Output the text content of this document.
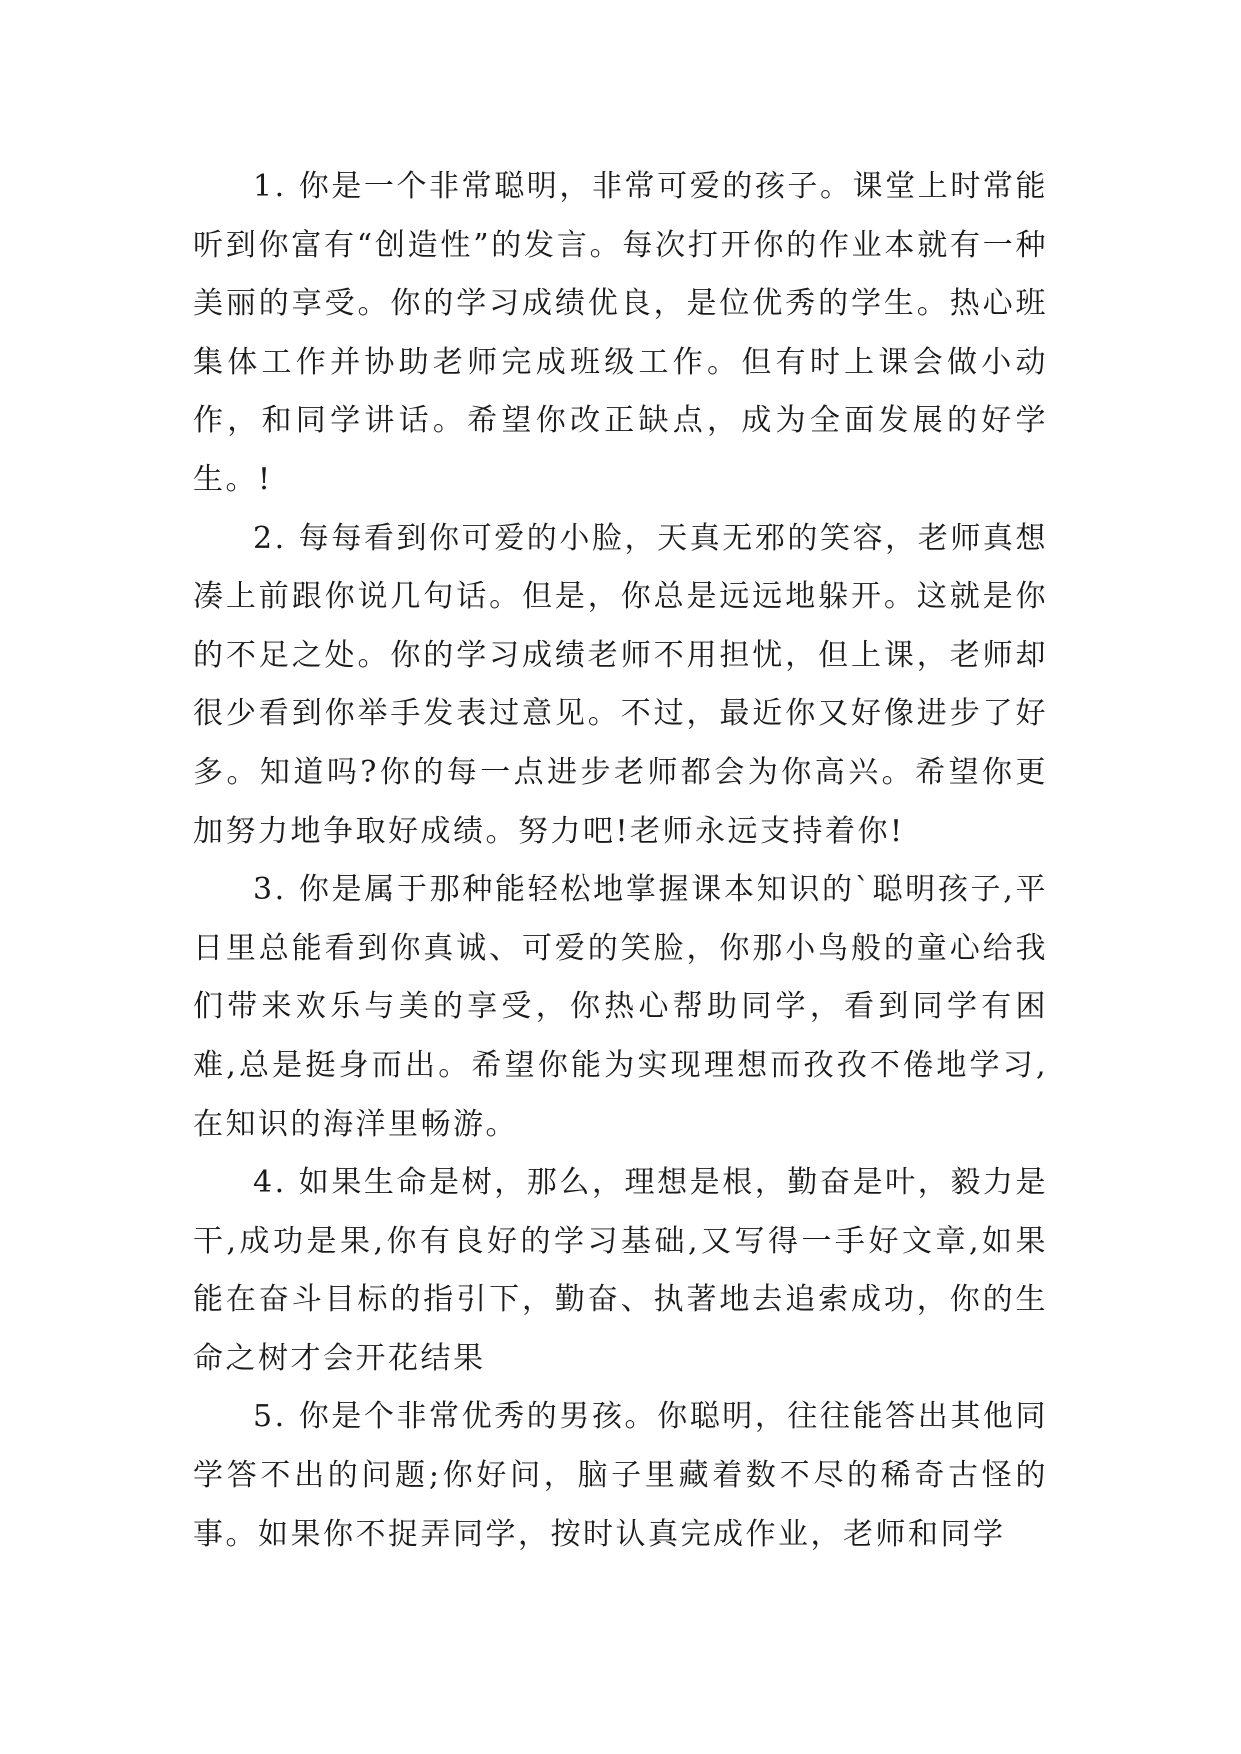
1. 你是一个非常聪明，非常可爱的孩子。课堂上时常能听到你富有“创造性”的发言。每次打开你的作业本就有一种美丽的享受。你的学习成绩优良，是位优秀的学生。热心班集体工作并协助老师完成班级工作。但有时上课会做小动作，和同学讲话。希望你改正缺点，成为全面发展的好学生。!

2. 每每看到你可爱的小脸，天真无邪的笑容，老师真想凑上前跟你说几句话。但是，你总是远远地躲开。这就是你的不足之处。你的学习成绩老师不用担忧，但上课，老师却很少看到你举手发表过意见。不过，最近你又好像进步了好多。知道吗?你的每一点进步老师都会为你高兴。希望你更加努力地争取好成绩。努力吧!老师永远支持着你!

3. 你是属于那种能轻松地掌握课本知识的`聪明孩子,平日里总能看到你真诚、可爱的笑脸，你那小鸟般的童心给我们带来欢乐与美的享受，你热心帮助同学，看到同学有困难,总是挺身而出。希望你能为实现理想而孜孜不倦地学习,在知识的海洋里畅游。

4. 如果生命是树，那么，理想是根，勤奋是叶，毅力是干,成功是果,你有良好的学习基础,又写得一手好文章,如果能在奋斗目标的指引下，勤奋、执著地去追索成功，你的生命之树才会开花结果

5. 你是个非常优秀的男孩。你聪明，往往能答出其他同学答不出的问题;你好问，脑子里藏着数不尽的稀奇古怪的事。如果你不捉弄同学，按时认真完成作业，老师和同学
